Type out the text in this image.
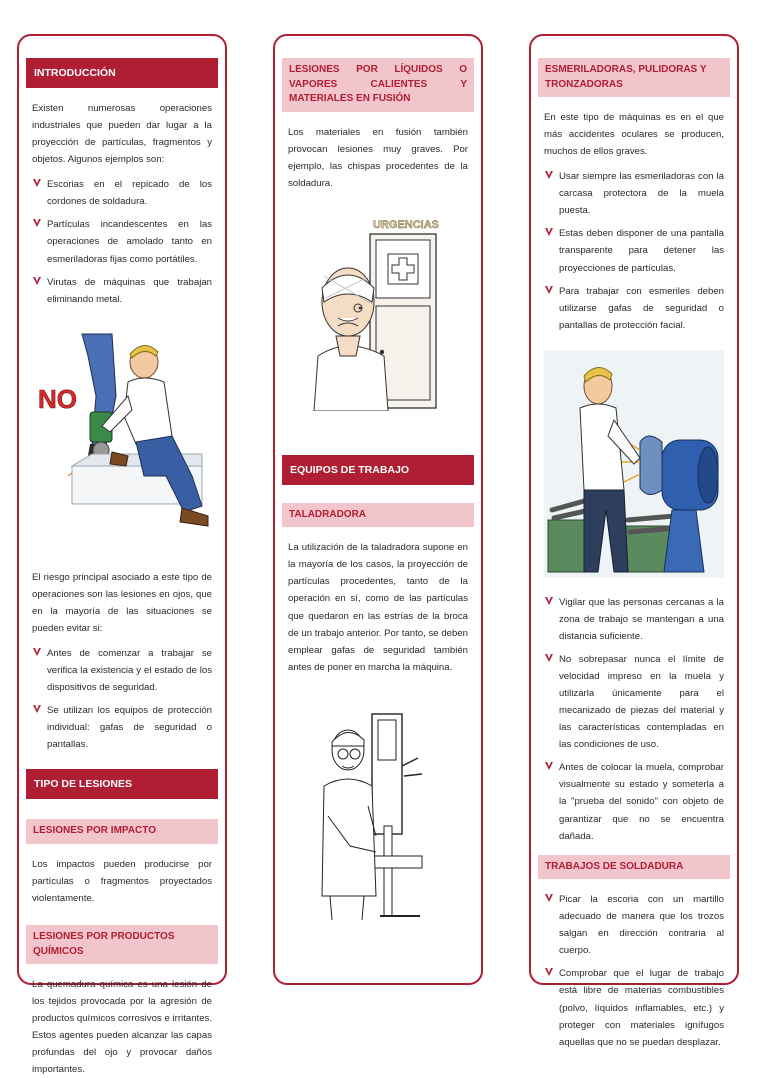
INTRODUCCIÓN

Existen numerosas operaciones industriales que pueden dar lugar a la proyección de partículas, fragmentos y objetos. Algunos ejemplos son:

Escorias en el repicado de los cordones de soldadura.
Partículas incandescentes en las operaciones de amolado tanto en esmeriladoras fijas como portátiles.
Virutas de máquinas que trabajan eliminando metal.
NO

El riesgo principal asociado a este tipo de operaciones son las lesiones en ojos, que en la mayoría de las situaciones se pueden evitar si:

Antes de comenzar a trabajar se verifica la existencia y el estado de los dispositivos de seguridad.
Se utilizan los equipos de protección individual: gafas de seguridad o pantallas.
TIPO DE LESIONES
LESIONES POR IMPACTO

Los impactos pueden producirse por partículas o fragmentos proyectados violentamente.

LESIONES POR PRODUCTOS QUÍMICOS

La quemadura química es una lesión de los tejidos provocada por la agresión de productos químicos corrosivos e irritantes. Estos agentes pueden alcanzar las capas profundas del ojo y provocar daños importantes.

LESIONES POR LÍQUIDOS O VAPORES CALIENTES Y MATERIALES EN FUSIÓN

Los materiales en fusión también provocan lesiones muy graves. Por ejemplo, las chispas procedentes de la soldadura.

URGENCIAS
EQUIPOS DE TRABAJO
TALADRADORA

La utilización de la taladradora supone en la mayoría de los casos, la proyección de partículas procedentes, tanto de la operación en sí, como de las partículas que quedaron en las estrías de la broca de un trabajo anterior. Por tanto, se deben emplear gafas de seguridad también antes de poner en marcha la máquina.

ESMERILADORAS, PULIDORAS Y TRONZADORAS

En este tipo de máquinas es en el que más accidentes oculares se producen, muchos de ellos graves.

Usar siempre las esmeriladoras con la carcasa protectora de la muela puesta.
Estas deben disponer de una pantalla transparente para detener las proyecciones de partículas.
Para trabajar con esmeriles deben utilizarse gafas de seguridad o pantallas de protección facial.
Vigilar que las personas cercanas a la zona de trabajo se mantengan a una distancia suficiente.
No sobrepasar nunca el límite de velocidad impreso en la muela y utilizarla únicamente para el mecanizado de piezas del material y las características contempladas en las condiciones de uso.
Antes de colocar la muela, comprobar visualmente su estado y someterla a la "prueba del sonido" con objeto de garantizar que no se encuentra dañada.
TRABAJOS DE SOLDADURA
Picar la escoria con un martillo adecuado de manera que los trozos salgan en dirección contraria al cuerpo.
Comprobar que el lugar de trabajo está libre de materias combustibles (polvo, líquidos inflamables, etc.) y proteger con materiales ignífugos aquellas que no se puedan desplazar.
